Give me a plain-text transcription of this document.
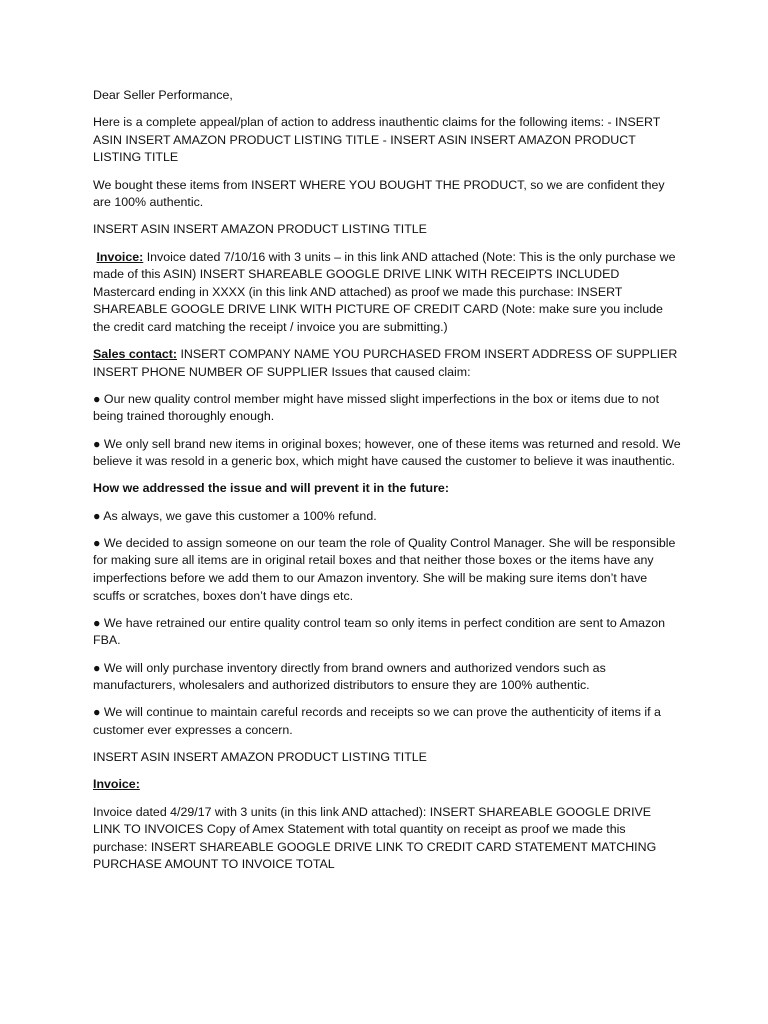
Dear Seller Performance,

Here is a complete appeal/plan of action to address inauthentic claims for the following items: - INSERT ASIN INSERT AMAZON PRODUCT LISTING TITLE - INSERT ASIN INSERT AMAZON PRODUCT LISTING TITLE

We bought these items from INSERT WHERE YOU BOUGHT THE PRODUCT, so we are confident they are 100% authentic.

INSERT ASIN INSERT AMAZON PRODUCT LISTING TITLE

Invoice: Invoice dated 7/10/16 with 3 units – in this link AND attached (Note: This is the only purchase we made of this ASIN) INSERT SHAREABLE GOOGLE DRIVE LINK WITH RECEIPTS INCLUDED Mastercard ending in XXXX (in this link AND attached) as proof we made this purchase: INSERT SHAREABLE GOOGLE DRIVE LINK WITH PICTURE OF CREDIT CARD (Note: make sure you include the credit card matching the receipt / invoice you are submitting.)

Sales contact: INSERT COMPANY NAME YOU PURCHASED FROM INSERT ADDRESS OF SUPPLIER INSERT PHONE NUMBER OF SUPPLIER Issues that caused claim:

● Our new quality control member might have missed slight imperfections in the box or items due to not being trained thoroughly enough.

● We only sell brand new items in original boxes; however, one of these items was returned and resold. We believe it was resold in a generic box, which might have caused the customer to believe it was inauthentic.

How we addressed the issue and will prevent it in the future:

● As always, we gave this customer a 100% refund.

● We decided to assign someone on our team the role of Quality Control Manager. She will be responsible for making sure all items are in original retail boxes and that neither those boxes or the items have any imperfections before we add them to our Amazon inventory. She will be making sure items don’t have scuffs or scratches, boxes don’t have dings etc.

● We have retrained our entire quality control team so only items in perfect condition are sent to Amazon FBA.

● We will only purchase inventory directly from brand owners and authorized vendors such as manufacturers, wholesalers and authorized distributors to ensure they are 100% authentic.

● We will continue to maintain careful records and receipts so we can prove the authenticity of items if a customer ever expresses a concern.

INSERT ASIN INSERT AMAZON PRODUCT LISTING TITLE

Invoice:

Invoice dated 4/29/17 with 3 units (in this link AND attached): INSERT SHAREABLE GOOGLE DRIVE LINK TO INVOICES Copy of Amex Statement with total quantity on receipt as proof we made this purchase: INSERT SHAREABLE GOOGLE DRIVE LINK TO CREDIT CARD STATEMENT MATCHING PURCHASE AMOUNT TO INVOICE TOTAL
